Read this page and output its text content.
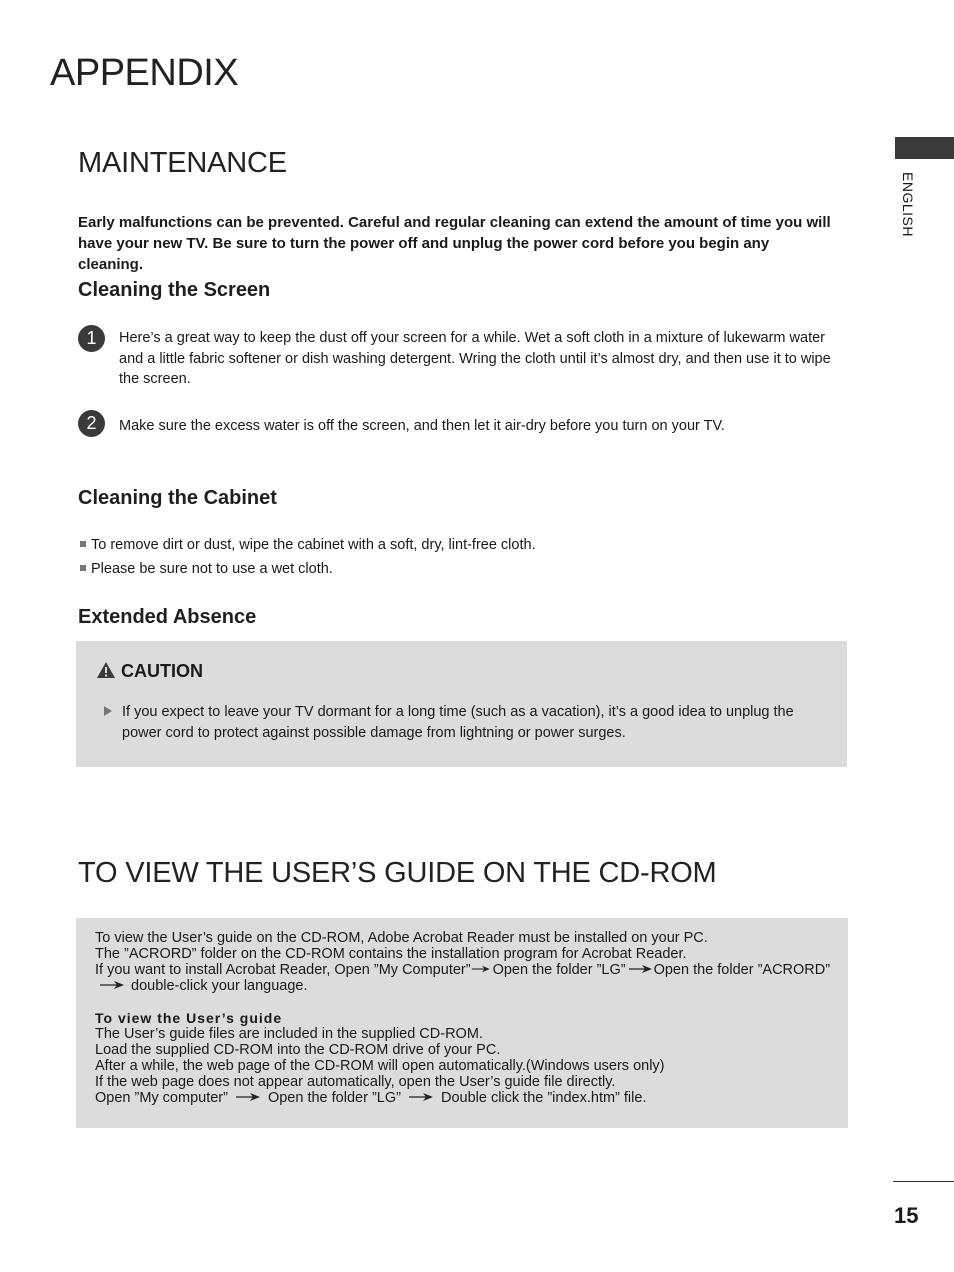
APPENDIX
ENGLISH
MAINTENANCE
Early malfunctions can be prevented. Careful and regular cleaning can extend the amount of time you will have your new TV. Be sure to turn the power off and unplug the power cord before you begin any cleaning.
Cleaning the Screen
1	Here’s a great way to keep the dust off your screen for a while. Wet a soft cloth in a mixture of lukewarm water and a little fabric softener or dish washing detergent. Wring the cloth until it’s almost dry, and then use it to wipe the screen.
2	Make sure the excess water is off the screen, and then let it air-dry before you turn on your TV.
Cleaning the Cabinet
To remove dirt or dust, wipe the cabinet with a soft, dry, lint-free cloth.
Please be sure not to use a wet cloth.
Extended Absence
CAUTION
If you expect to leave your TV dormant for a long time (such as a vacation), it’s a good idea to unplug the power cord to protect against possible damage from lightning or power surges.
TO VIEW THE USER’S GUIDE ON THE CD-ROM
To view the User’s guide on the CD-ROM, Adobe Acrobat Reader must be installed on your PC.
The ”ACRORD” folder on the CD-ROM contains the installation program for Acrobat Reader.
If you want to install Acrobat Reader, Open ”My Computer” Open the folder ”LG” Open the folder ”ACRORD”
double-click your language.
To view the User’s guide
The User’s guide files are included in the supplied CD-ROM.
Load the supplied CD-ROM into the CD-ROM drive of your PC.
After a while, the web page of the CD-ROM will open automatically.(Windows users only)
If the web page does not appear automatically, open the User’s guide file directly.
Open ”My computer”	Open the folder ”LG”	Double click the ”index.htm” file.
15
